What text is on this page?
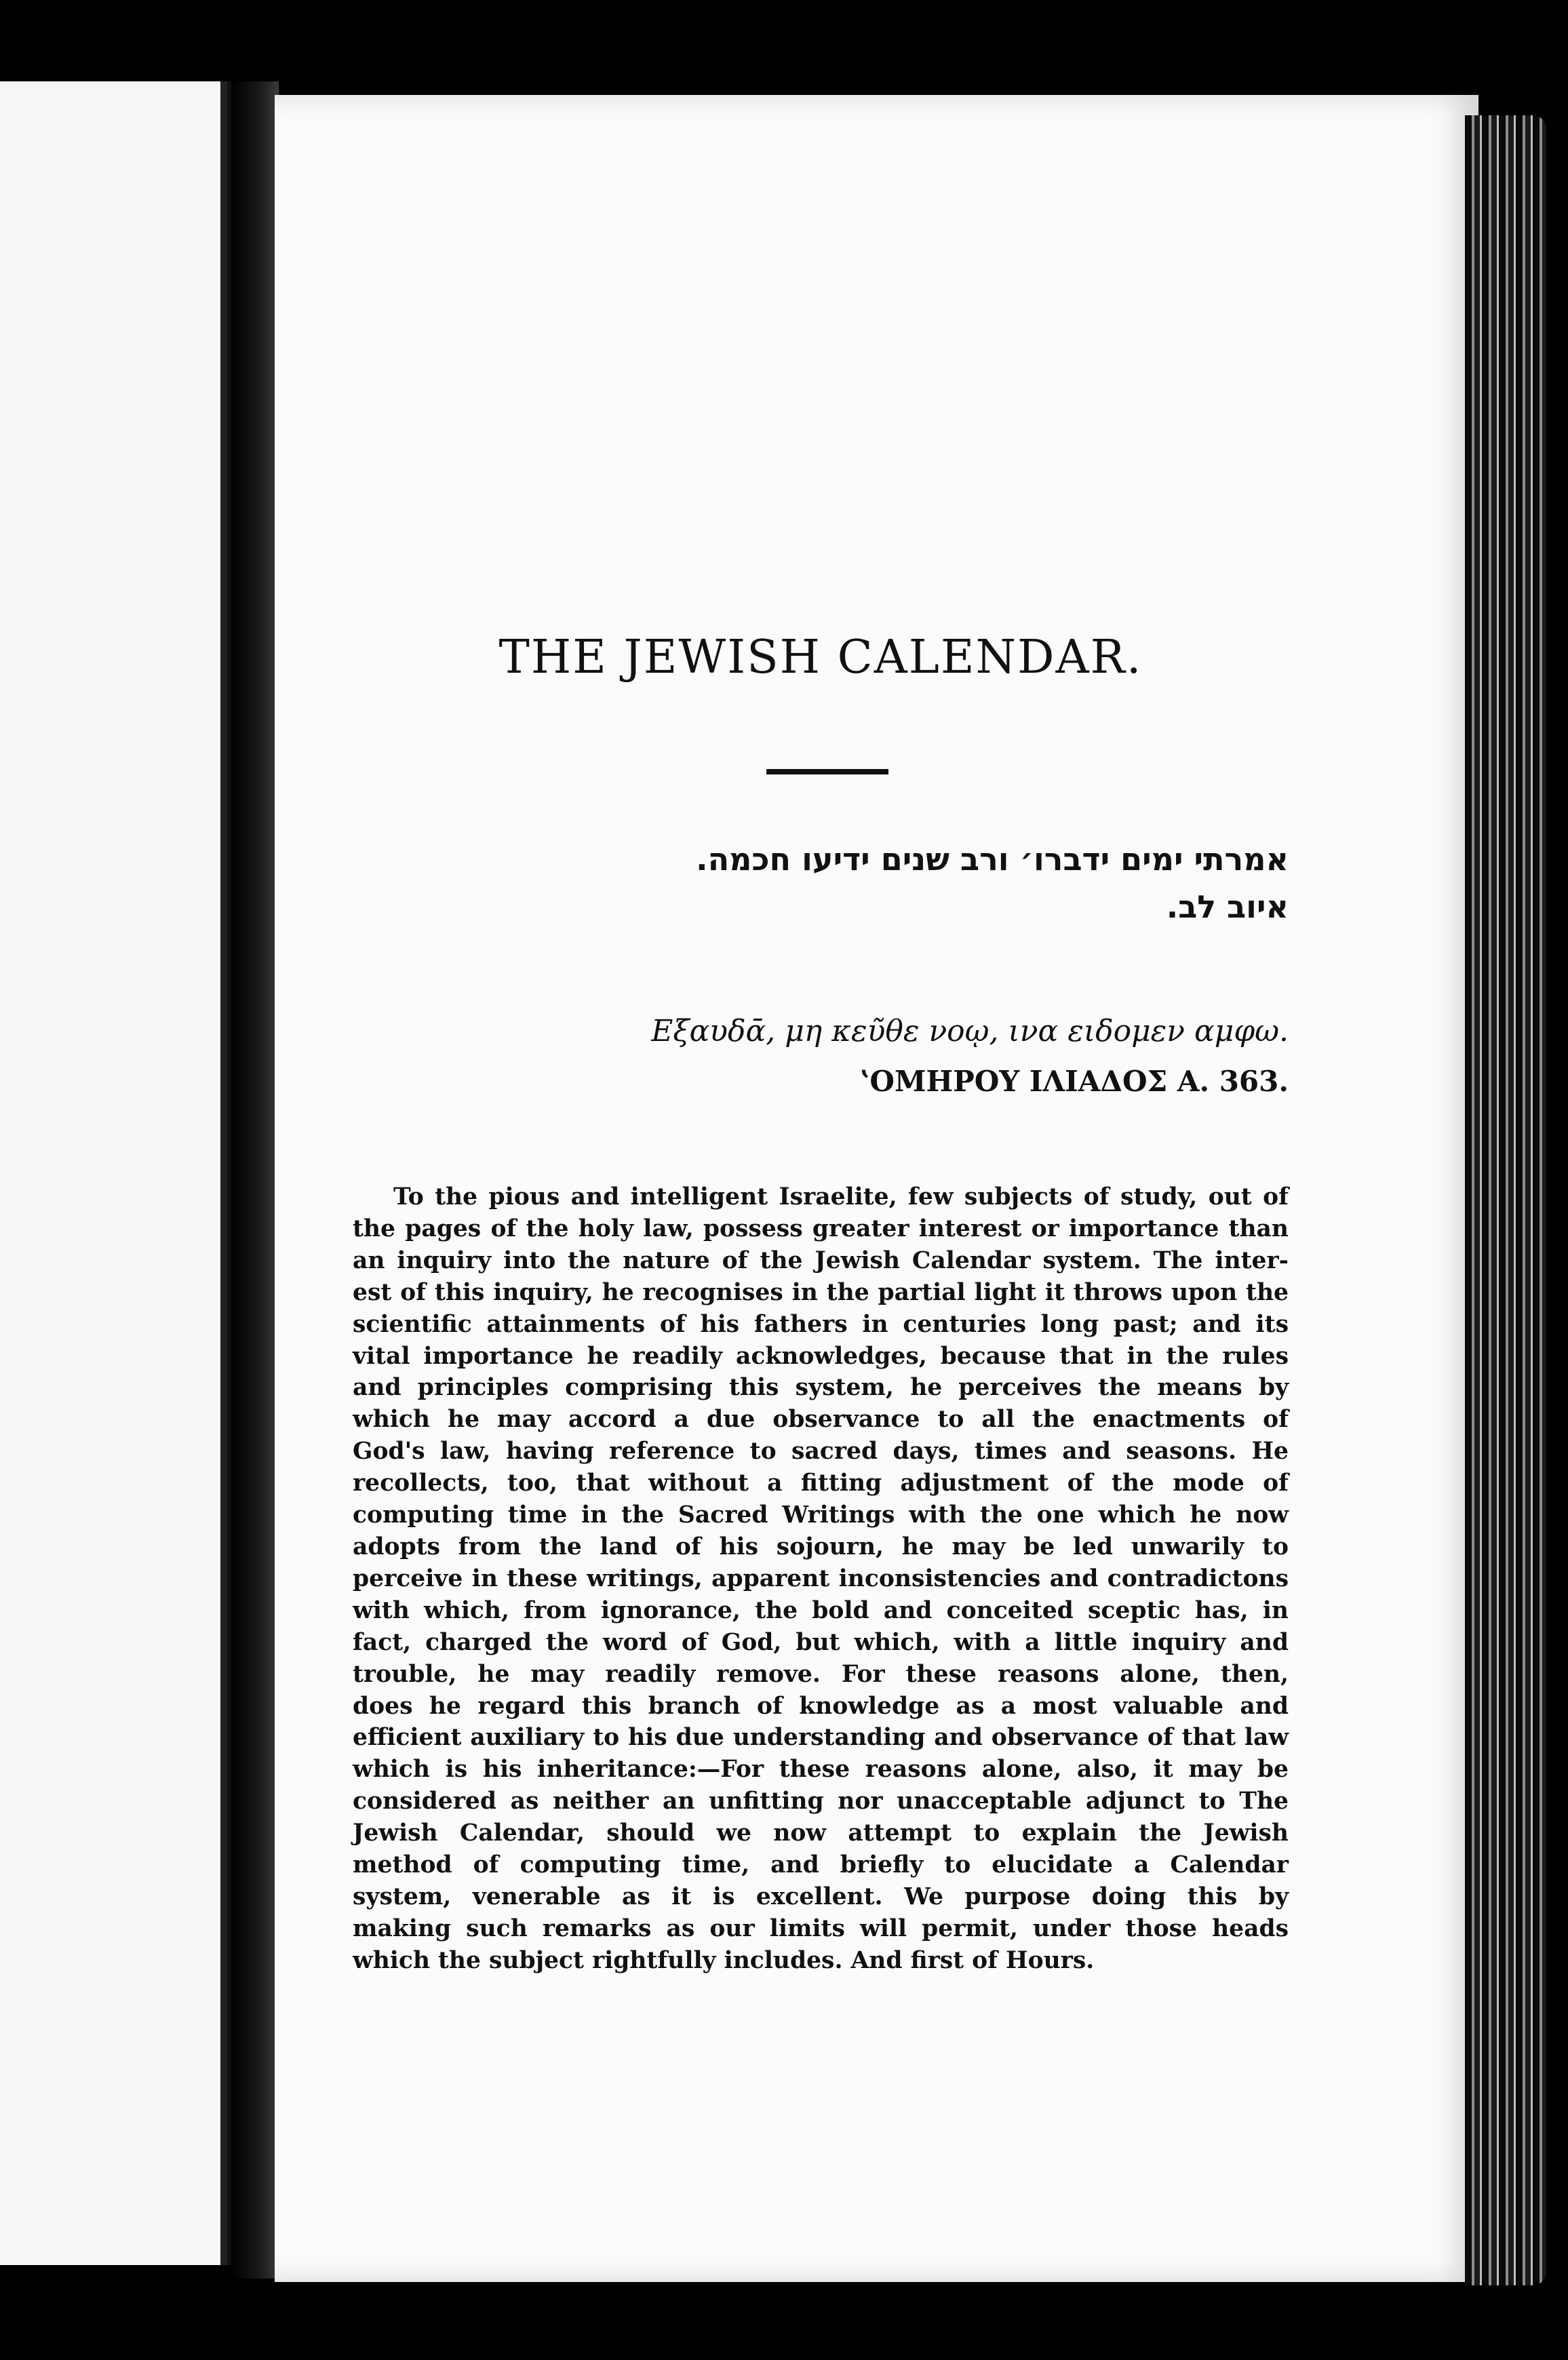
THE JEWISH CALENDAR.
אמרתי ימים ידברו׳ ורב שנים ידיעו חכמה.
איוב לב.
Εξαυδᾱ, μη κεῦθε νοῳ, ινα ειδομεν αμφω.
ʽΟΜΗΡΟΥ ΙΛΙΑΔΟΣ Α. 363.
To the pious and intelligent Israelite, few subjects of study, out of
the pages of the holy law, possess greater interest or importance than
an inquiry into the nature of the Jewish Calendar system. The inter-
est of this inquiry, he recognises in the partial light it throws upon the
scientific attainments of his fathers in centuries long past; and its
vital importance he readily acknowledges, because that in the rules
and principles comprising this system, he perceives the means by
which he may accord a due observance to all the enactments of
God's law, having reference to sacred days, times and seasons. He
recollects, too, that without a fitting adjustment of the mode of
computing time in the Sacred Writings with the one which he now
adopts from the land of his sojourn, he may be led unwarily to
perceive in these writings, apparent inconsistencies and contradictons
with which, from ignorance, the bold and conceited sceptic has, in
fact, charged the word of God, but which, with a little inquiry and
trouble, he may readily remove. For these reasons alone, then,
does he regard this branch of knowledge as a most valuable and
efficient auxiliary to his due understanding and observance of that law
which is his inheritance:—For these reasons alone, also, it may be
considered as neither an unfitting nor unacceptable adjunct to The
Jewish Calendar, should we now attempt to explain the Jewish
method of computing time, and briefly to elucidate a Calendar
system, venerable as it is excellent. We purpose doing this by
making such remarks as our limits will permit, under those heads
which the subject rightfully includes. And first of Hours.
